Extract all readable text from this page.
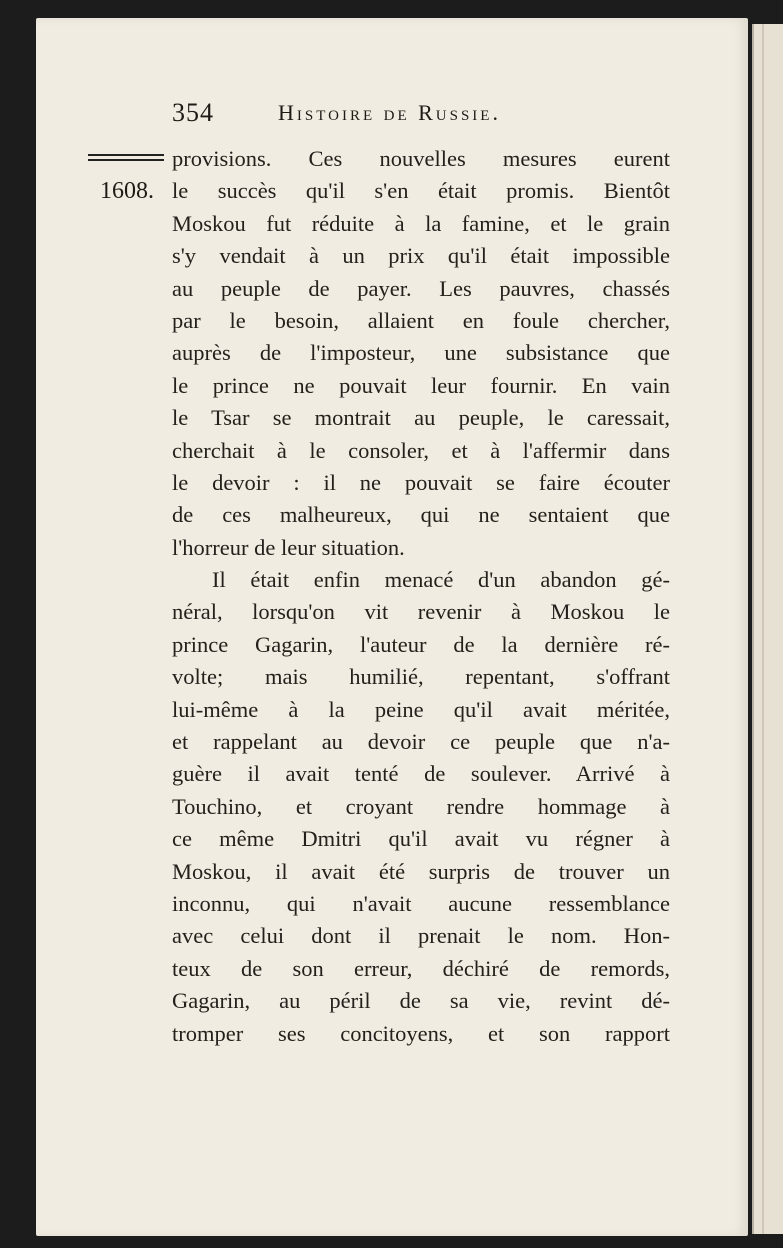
354	Histoire de Russie.
1608.
provisions. Ces nouvelles mesures eurent
le succès qu'il s'en était promis. Bientôt
Moskou fut réduite à la famine, et le grain
s'y vendait à un prix qu'il était impossible
au peuple de payer. Les pauvres, chassés
par le besoin, allaient en foule chercher,
auprès de l'imposteur, une subsistance que
le prince ne pouvait leur fournir. En vain
le Tsar se montrait au peuple, le caressait,
cherchait à le consoler, et à l'affermir dans
le devoir : il ne pouvait se faire écouter
de ces malheureux, qui ne sentaient que
l'horreur de leur situation.
Il était enfin menacé d'un abandon gé-
néral, lorsqu'on vit revenir à Moskou le
prince Gagarin, l'auteur de la dernière ré-
volte; mais humilié, repentant, s'offrant
lui-même à la peine qu'il avait méritée,
et rappelant au devoir ce peuple que n'a-
guère il avait tenté de soulever. Arrivé à
Touchino, et croyant rendre hommage à
ce même Dmitri qu'il avait vu régner à
Moskou, il avait été surpris de trouver un
inconnu, qui n'avait aucune ressemblance
avec celui dont il prenait le nom. Hon-
teux de son erreur, déchiré de remords,
Gagarin, au péril de sa vie, revint dé-
tromper ses concitoyens, et son rapport
